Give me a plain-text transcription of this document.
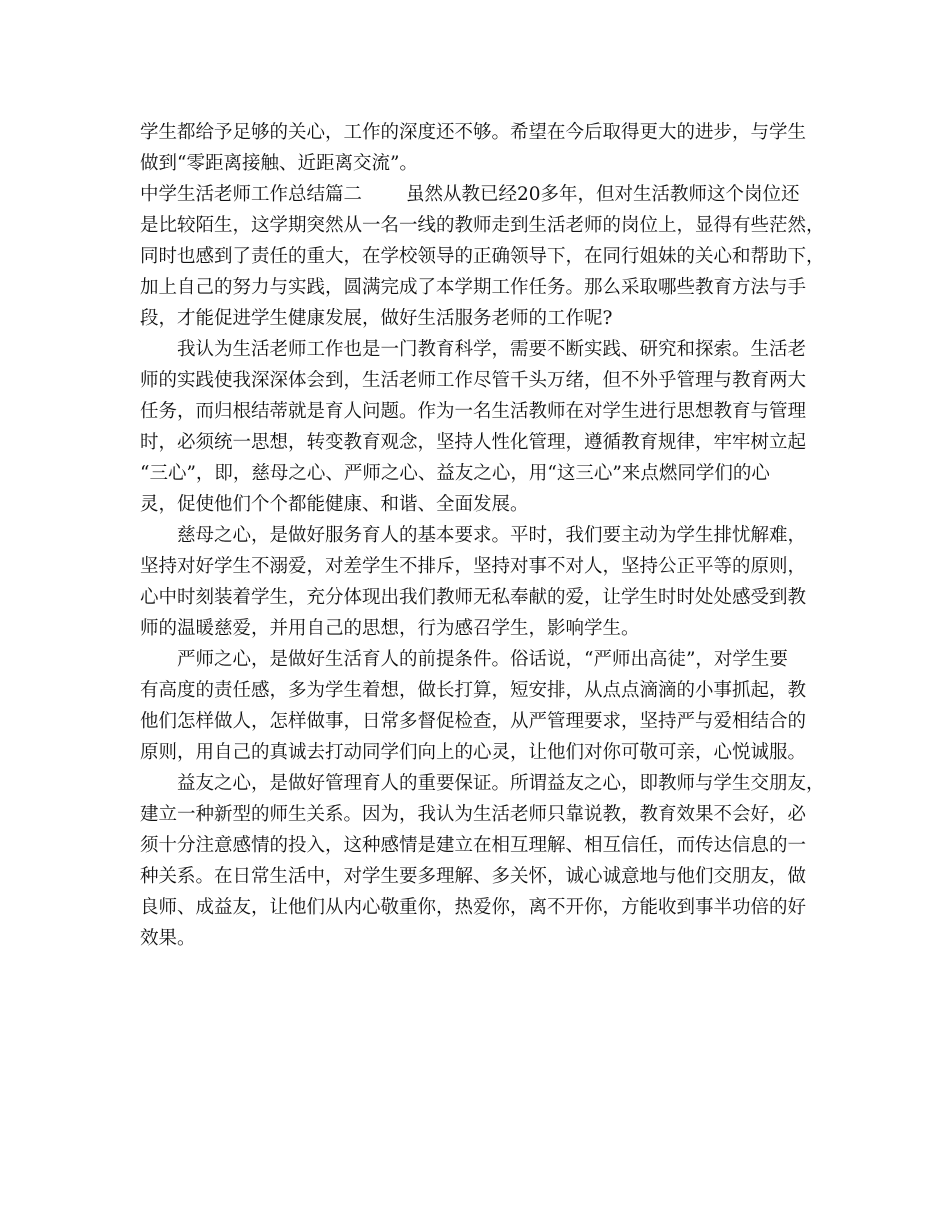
学生都给予足够的关心，工作的深度还不够。希望在今后取得更大的进步，与学生
做到“零距离接触、近距离交流”。
中学生活老师工作总结篇二 虽然从教已经20多年，但对生活教师这个岗位还
是比较陌生，这学期突然从一名一线的教师走到生活老师的岗位上，显得有些茫然，
同时也感到了责任的重大，在学校领导的正确领导下，在同行姐妹的关心和帮助下，
加上自己的努力与实践，圆满完成了本学期工作任务。那么采取哪些教育方法与手
段，才能促进学生健康发展，做好生活服务老师的工作呢?
我认为生活老师工作也是一门教育科学，需要不断实践、研究和探索。生活老
师的实践使我深深体会到，生活老师工作尽管千头万绪，但不外乎管理与教育两大
任务，而归根结蒂就是育人问题。作为一名生活教师在对学生进行思想教育与管理
时，必须统一思想，转变教育观念，坚持人性化管理，遵循教育规律，牢牢树立起
“三心”，即，慈母之心、严师之心、益友之心，用“这三心”来点燃同学们的心
灵，促使他们个个都能健康、和谐、全面发展。
慈母之心，是做好服务育人的基本要求。平时，我们要主动为学生排忧解难，
坚持对好学生不溺爱，对差学生不排斥，坚持对事不对人，坚持公正平等的原则，
心中时刻装着学生，充分体现出我们教师无私奉献的爱，让学生时时处处感受到教
师的温暖慈爱，并用自己的思想，行为感召学生，影响学生。
严师之心，是做好生活育人的前提条件。俗话说，“严师出高徒”，对学生要
有高度的责任感，多为学生着想，做长打算，短安排，从点点滴滴的小事抓起，教
他们怎样做人，怎样做事，日常多督促检查，从严管理要求，坚持严与爱相结合的
原则，用自己的真诚去打动同学们向上的心灵，让他们对你可敬可亲，心悦诚服。
益友之心，是做好管理育人的重要保证。所谓益友之心，即教师与学生交朋友，
建立一种新型的师生关系。因为，我认为生活老师只靠说教，教育效果不会好，必
须十分注意感情的投入，这种感情是建立在相互理解、相互信任，而传达信息的一
种关系。在日常生活中，对学生要多理解、多关怀，诚心诚意地与他们交朋友，做
良师、成益友，让他们从内心敬重你，热爱你，离不开你，方能收到事半功倍的好
效果。
